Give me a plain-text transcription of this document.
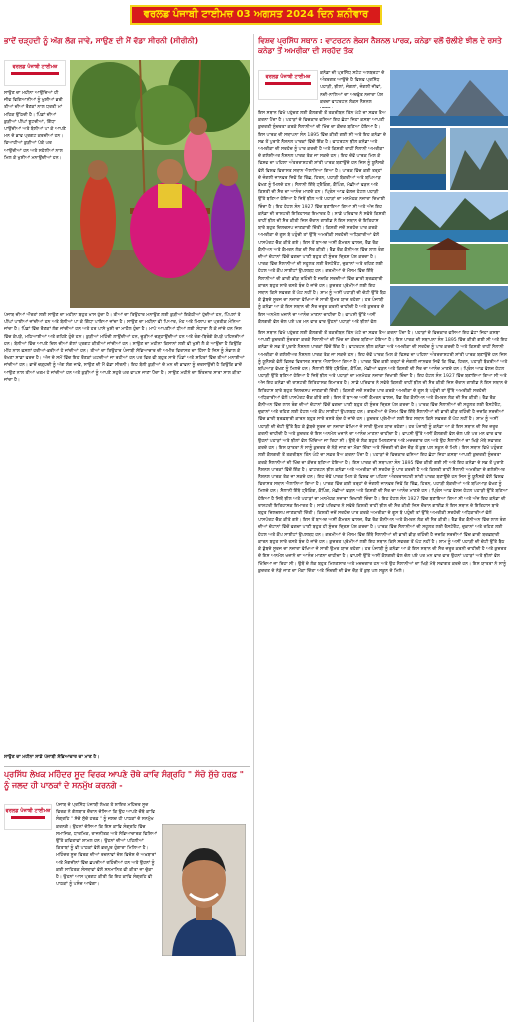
ਵਰਲਡ ਪੰਜਾਬੀ ਟਾਈਮਜ਼ 03 ਅਗਸਤ 2024 ਦਿਨ ਸ਼ਨੀਵਾਰ
ਭਾਦੋਂ ਚੜ੍ਹਦੀ ਨੂੰ ਅੱਗ ਲੱਗ ਜਾਵੇ, ਸਾਉਣ ਦੀ ਮੈਂ ਵੱਡਾ ਸੀਰਨੀ (ਸੀਰੀਨੀ)
ਵਰਲਡ ਪੰਜਾਬੀ ਟਾਈਮਜ਼
ਸਾਉਣ ਦਾ ਮਹੀਨਾ ਆਉਂਦਿਆਂ ਹੀ ਜੀਵ ਵਿਗਿਆਨੀਆਂ ਨੂੰ ਖੁਸ਼ੀਆਂ ਭਰੀ ਤੀਆਂ ਦੀਆਂ ਰੌਣਕਾਂ ਨਾਲ ਧਰਤੀ ਮਾਂ ਮਹਿਕ ਉੱਠਦੀ ਹੈ। ਪਿੰਡਾਂ ਦੀਆਂ ਕੁੜੀਆਂ ਪੀਂਘਾਂ ਝੂਟਦੀਆਂ, ਗਿੱਧਾ ਪਾਉਂਦੀਆਂ ਅਤੇ ਬੋਲੀਆਂ ਪਾ ਕੇ ਆਪਣੇ ਮਨ ਦੇ ਭਾਵ ਪ੍ਰਗਟ ਕਰਦੀਆਂ ਹਨ। ਵਿਆਹੀਆਂ ਕੁੜੀਆਂ ਪੇਕੇ ਘਰ ਆਉਂਦੀਆਂ ਹਨ ਅਤੇ ਸਹੇਲੀਆਂ ਨਾਲ ਮਿਲ ਕੇ ਖੁਸ਼ੀਆਂ ਮਨਾਉਂਦੀਆਂ ਹਨ।
ਪੰਜਾਬ ਦੀਆਂ ਔਰਤਾਂ ਲਈ ਸਾਉਣ ਦਾ ਮਹੀਨਾ ਬਹੁਤ ਖਾਸ ਹੁੰਦਾ ਹੈ। ਤੀਆਂ ਦਾ ਤਿਉਹਾਰ ਮਨਾਉਣ ਲਈ ਕੁੜੀਆਂ ਇਕੱਠੀਆਂ ਹੁੰਦੀਆਂ ਹਨ, ਪਿੱਪਲਾਂ ਤੇ ਪੀਂਘਾਂ ਪਾਈਆਂ ਜਾਂਦੀਆਂ ਹਨ ਅਤੇ ਬੋਲੀਆਂ ਪਾ ਕੇ ਗਿੱਧਾ ਪਾਇਆ ਜਾਂਦਾ ਹੈ। ਸਾਉਣ ਦਾ ਮਹੀਨਾ ਵੀ ਪਿਆਰ, ਮੋਹ ਅਤੇ ਮਿਲਾਪ ਦਾ ਪ੍ਰਤੀਕ ਮੰਨਿਆ ਜਾਂਦਾ ਹੈ। ਪਿੰਡਾਂ ਵਿੱਚ ਰੌਣਕਾਂ ਲੱਗ ਜਾਂਦੀਆਂ ਹਨ ਅਤੇ ਹਰ ਪਾਸੇ ਖੁਸ਼ੀ ਦਾ ਮਾਹੌਲ ਹੁੰਦਾ ਹੈ। ਮਾਪੇ ਆਪਣੀਆਂ ਧੀਆਂ ਲਈ ਸੰਧਾਰਾ ਲੈ ਕੇ ਜਾਂਦੇ ਹਨ ਜਿਸ ਵਿੱਚ ਕੱਪੜੇ, ਮਠਿਆਈਆਂ ਅਤੇ ਗਹਿਣੇ ਹੁੰਦੇ ਹਨ। ਕੁੜੀਆਂ ਮਹਿੰਦੀ ਲਾਉਂਦੀਆਂ ਹਨ, ਚੂੜੀਆਂ ਚੜ੍ਹਾਉਂਦੀਆਂ ਹਨ ਅਤੇ ਰੰਗ-ਬਿਰੰਗੇ ਕੱਪੜੇ ਪਹਿਨਦੀਆਂ ਹਨ। ਬੋਲੀਆਂ ਵਿੱਚ ਆਪਣੇ ਦਿਲ ਦੀਆਂ ਗੱਲਾਂ ਪ੍ਰਗਟ ਕੀਤੀਆਂ ਜਾਂਦੀਆਂ ਹਨ। ਸਾਉਣ ਦਾ ਮਹੀਨਾ ਕਿਸਾਨਾਂ ਲਈ ਵੀ ਖੁਸ਼ੀ ਲੈ ਕੇ ਆਉਂਦਾ ਹੈ ਕਿਉਂਕਿ ਮੀਂਹ ਨਾਲ ਫਸਲਾਂ ਹਰੀਆਂ-ਭਰੀਆਂ ਹੋ ਜਾਂਦੀਆਂ ਹਨ। ਤੀਆਂ ਦਾ ਤਿਉਹਾਰ ਪੰਜਾਬੀ ਸੱਭਿਆਚਾਰ ਦੀ ਅਮੀਰ ਵਿਰਾਸਤ ਦਾ ਹਿੱਸਾ ਹੈ ਜਿਸ ਨੂੰ ਸੰਭਾਲ ਕੇ ਰੱਖਣਾ ਸਾਡਾ ਫਰਜ਼ ਹੈ। ਅੱਜ ਦੇ ਸਮੇਂ ਵਿੱਚ ਇਹ ਰੌਣਕਾਂ ਘਟਦੀਆਂ ਜਾ ਰਹੀਆਂ ਹਨ ਪਰ ਫਿਰ ਵੀ ਬਹੁਤ ਸਾਰੇ ਪਿੰਡਾਂ ਅਤੇ ਸ਼ਹਿਰਾਂ ਵਿੱਚ ਤੀਆਂ ਮਨਾਈਆਂ ਜਾਂਦੀਆਂ ਹਨ। ਭਾਦੋਂ ਚੜ੍ਹਦੀ ਨੂੰ ਅੱਗ ਲੱਗ ਜਾਵੇ, ਸਾਉਣ ਦੀ ਮੈਂ ਵੱਡਾ ਸੀਰਨੀ। ਇਹ ਬੋਲੀ ਕੁੜੀਆਂ ਦੇ ਮਨ ਦੀ ਭਾਵਨਾ ਨੂੰ ਦਰਸਾਉਂਦੀ ਹੈ ਕਿਉਂਕਿ ਭਾਦੋਂ ਆਉਣ ਨਾਲ ਤੀਆਂ ਖਤਮ ਹੋ ਜਾਂਦੀਆਂ ਹਨ ਅਤੇ ਕੁੜੀਆਂ ਨੂੰ ਆਪਣੇ ਸਹੁਰੇ ਘਰ ਵਾਪਸ ਜਾਣਾ ਪੈਂਦਾ ਹੈ। ਸਾਉਣ ਮਹੀਨੇ ਦਾ ਇੰਤਜ਼ਾਰ ਸਾਰਾ ਸਾਲ ਕੀਤਾ ਜਾਂਦਾ ਹੈ।
ਸਾਉਣ ਦਾ ਮਹੀਨਾ ਸਾਡੇ ਪੰਜਾਬੀ ਸੱਭਿਆਚਾਰ ਦਾ ਮਾਣ ਹੈ।
ਪ੍ਰਸਿੱਧ ਲੇਖਕ ਮਹਿੰਦਰ ਸੂਦ ਵਿਰਕ ਆਪਣੇ ਚੌਥੇ ਕਾਵਿ ਸੰਗ੍ਰਹਿ " ਸੱਚੋ ਸੁੱਚੇ ਹਰਫ਼ " ਨੂੰ ਜਲਦ ਹੀ ਪਾਠਕਾਂ ਦੇ ਸਨਮੁੱਖ ਕਰਨਗੇ -
ਵਰਲਡ ਪੰਜਾਬੀ ਟਾਈਮਜ਼
ਪੰਜਾਬ ਦੇ ਪ੍ਰਸਿੱਧ ਪੰਜਾਬੀ ਲੇਖਕ ਤੇ ਸ਼ਾਇਰ ਮਹਿੰਦਰ ਸੂਦ ਵਿਰਕ ਨੇ ਗੱਲਬਾਤ ਦੌਰਾਨ ਦੱਸਿਆ ਕਿ ਉਹ ਆਪਣੇ ਚੌਥੇ ਕਾਵਿ ਸੰਗ੍ਰਹਿ " ਸੱਚੋ ਸੁੱਚੇ ਹਰਫ਼ " ਨੂੰ ਜਲਦ ਹੀ ਪਾਠਕਾਂ ਦੇ ਸਨਮੁੱਖ ਕਰਨਗੇ। ਉਹਨਾਂ ਦੱਸਿਆ ਕਿ ਇਸ ਕਾਵਿ ਸੰਗ੍ਰਹਿ ਵਿੱਚ ਸਮਾਜਿਕ, ਧਾਰਮਿਕ, ਰਾਜਨੀਤਕ ਅਤੇ ਸੱਭਿਆਚਾਰਕ ਵਿਸ਼ਿਆਂ ਉੱਤੇ ਕਵਿਤਾਵਾਂ ਸ਼ਾਮਲ ਹਨ। ਉਹਨਾਂ ਦੀਆਂ ਪਹਿਲੀਆਂ ਕਿਤਾਬਾਂ ਨੂੰ ਵੀ ਪਾਠਕਾਂ ਵੱਲੋਂ ਭਰਪੂਰ ਹੁੰਗਾਰਾ ਮਿਲਿਆ ਹੈ। ਮਹਿੰਦਰ ਸੂਦ ਵਿਰਕ ਦੀਆਂ ਰਚਨਾਵਾਂ ਦੇਸ਼ ਵਿਦੇਸ਼ ਦੇ ਅਖ਼ਬਾਰਾਂ ਅਤੇ ਮੈਗਜ਼ੀਨਾਂ ਵਿੱਚ ਛਪਦੀਆਂ ਰਹਿੰਦੀਆਂ ਹਨ ਅਤੇ ਉਹਨਾਂ ਨੂੰ ਕਈ ਸਾਹਿਤਕ ਸੰਸਥਾਵਾਂ ਵੱਲੋਂ ਸਨਮਾਨਿਤ ਵੀ ਕੀਤਾ ਜਾ ਚੁੱਕਾ ਹੈ। ਉਹਨਾਂ ਆਸ ਪ੍ਰਗਟ ਕੀਤੀ ਕਿ ਇਹ ਕਾਵਿ ਸੰਗ੍ਰਹਿ ਵੀ ਪਾਠਕਾਂ ਨੂੰ ਪਸੰਦ ਆਵੇਗਾ।
ਵਿਸ਼ਵ ਪ੍ਰਸਿੱਧ ਸਥਾਨ : ਵਾਟਰਟਨ ਲੇਕਸ ਨੈਸ਼ਨਲ ਪਾਰਕ, ਕਨੇਡਾ ਵਲੋਂ ਚੱਲੀਏ ਝੀਲ ਦੇ ਰਸਤੇ ਕਨੇਡਾ ਤੋਂ ਅਮਰੀਕਾ ਦੀ ਸਰਹੱਦ ਤੱਕ
ਵਰਲਡ ਪੰਜਾਬੀ ਟਾਈਮਜ਼
ਕਨੇਡਾ ਦੀ ਪ੍ਰਸਿੱਧ ਸਟੇਟ ਅਲਬਰਟਾ ਦੇ ਅੰਤਰਗਤ ਆਉਂਦੇ ਹੈ ਵਿਸ਼ਵ ਪ੍ਰਸਿੱਧ ਪਹਾੜੀ, ਝੀਲਾਂ, ਜੰਗਲਾਂ, ਜੰਗਲੀ ਜੀਵਾਂ, ਨਦੀ-ਨਾਲਿਆਂ ਦਾ ਅਦਭੁੱਤ ਨਜ਼ਾਰਾ ਪੇਸ਼ ਕਰਦਾ ਵਾਟਰਟਨ ਲੇਕਸ ਨੈਸ਼ਨਲ
ਇਸ ਸਥਾਨ ਵਿਖੇ ਪਹੁੰਚਣ ਲਈ ਕੈਲਗਰੀ ਤੋਂ ਤਕਰੀਬਨ ਤਿੰਨ ਘੰਟੇ ਦਾ ਸਫ਼ਰ ਤੈਅ ਕਰਨਾ ਪੈਂਦਾ ਹੈ। ਪਹਾੜਾਂ ਦੇ ਵਿਚਕਾਰ ਵਸਿਆ ਇਹ ਛੋਟਾ ਜਿਹਾ ਕਸਬਾ ਆਪਣੀ ਕੁਦਰਤੀ ਸੁੰਦਰਤਾ ਕਰਕੇ ਸੈਲਾਨੀਆਂ ਦੀ ਖਿੱਚ ਦਾ ਕੇਂਦਰ ਬਣਿਆ ਹੋਇਆ ਹੈ। ਇਸ ਪਾਰਕ ਦੀ ਸਥਾਪਨਾ ਸੰਨ 1895 ਵਿੱਚ ਕੀਤੀ ਗਈ ਸੀ ਅਤੇ ਇਹ ਕਨੇਡਾ ਦੇ ਸਭ ਤੋਂ ਪੁਰਾਣੇ ਨੈਸ਼ਨਲ ਪਾਰਕਾਂ ਵਿੱਚੋਂ ਇੱਕ ਹੈ। ਵਾਟਰਟਨ ਝੀਲ ਕਨੇਡਾ ਅਤੇ ਅਮਰੀਕਾ ਦੀ ਸਰਹੱਦ ਨੂੰ ਪਾਰ ਕਰਦੀ ਹੈ ਅਤੇ ਕਿਸ਼ਤੀ ਰਾਹੀਂ ਸੈਲਾਨੀ ਅਮਰੀਕਾ ਦੇ ਗਲੇਸ਼ੀਅਰ ਨੈਸ਼ਨਲ ਪਾਰਕ ਤੱਕ ਜਾ ਸਕਦੇ ਹਨ। ਇਹ ਦੋਵੇਂ ਪਾਰਕ ਮਿਲ ਕੇ ਵਿਸ਼ਵ ਦਾ ਪਹਿਲਾ ਅੰਤਰਰਾਸ਼ਟਰੀ ਸ਼ਾਂਤੀ ਪਾਰਕ ਬਣਾਉਂਦੇ ਹਨ ਜਿਸ ਨੂੰ ਯੂਨੈਸਕੋ ਵੱਲੋਂ ਵਿਸ਼ਵ ਵਿਰਾਸਤ ਸਥਾਨ ਐਲਾਨਿਆ ਗਿਆ ਹੈ। ਪਾਰਕ ਵਿੱਚ ਕਈ ਤਰ੍ਹਾਂ ਦੇ ਜੰਗਲੀ ਜਾਨਵਰ ਜਿਵੇਂ ਕਿ ਰਿੱਛ, ਹਿਰਨ, ਪਹਾੜੀ ਬੱਕਰੀਆਂ ਅਤੇ ਬਘਿਆੜ ਵੇਖਣ ਨੂੰ ਮਿਲਦੇ ਹਨ। ਸੈਲਾਨੀ ਇੱਥੇ ਟ੍ਰੈਕਿੰਗ, ਕੈਂਪਿੰਗ, ਮੱਛੀਆਂ ਫੜਨ ਅਤੇ ਕਿਸ਼ਤੀ ਦੀ ਸੈਰ ਦਾ ਆਨੰਦ ਮਾਣਦੇ ਹਨ। ਪ੍ਰਿੰਸ ਆਫ਼ ਵੇਲਜ਼ ਹੋਟਲ ਪਹਾੜੀ ਉੱਤੇ ਬਣਿਆ ਹੋਇਆ ਹੈ ਜਿਥੋਂ ਝੀਲ ਅਤੇ ਪਹਾੜਾਂ ਦਾ ਮਨਮੋਹਕ ਨਜ਼ਾਰਾ ਦਿਖਾਈ ਦਿੰਦਾ ਹੈ। ਇਹ ਹੋਟਲ ਸੰਨ 1927 ਵਿੱਚ ਬਣਾਇਆ ਗਿਆ ਸੀ ਅਤੇ ਅੱਜ ਇਹ ਕਨੇਡਾ ਦੀ ਰਾਸ਼ਟਰੀ ਇਤਿਹਾਸਕ ਇਮਾਰਤ ਹੈ। ਸਾਡੇ ਪਰਿਵਾਰ ਨੇ ਸਵੇਰੇ ਕਿਸ਼ਤੀ ਰਾਹੀਂ ਝੀਲ ਦੀ ਸੈਰ ਕੀਤੀ ਜਿਸ ਦੌਰਾਨ ਗਾਈਡ ਨੇ ਇਸ ਸਥਾਨ ਦੇ ਇਤਿਹਾਸ ਬਾਰੇ ਬਹੁਤ ਦਿਲਚਸਪ ਜਾਣਕਾਰੀ ਦਿੱਤੀ। ਕਿਸ਼ਤੀ ਜਦੋਂ ਸਰਹੱਦ ਪਾਰ ਕਰਕੇ ਅਮਰੀਕਾ ਦੇ ਗੂਸ ਬੇ ਪਹੁੰਚੀ ਤਾਂ ਉੱਥੇ ਅਮਰੀਕੀ ਸਰਹੱਦੀ ਅਧਿਕਾਰੀਆਂ ਵੱਲੋਂ ਪਾਸਪੋਰਟ ਚੈੱਕ ਕੀਤੇ ਗਏ। ਇਸ ਤੋਂ ਬਾਅਦ ਅਸੀਂ ਕੈਮਰਨ ਫਾਲਜ਼, ਰੈੱਡ ਰੌਕ ਕੈਨੀਅਨ ਅਤੇ ਕੈਮਰਨ ਲੇਕ ਦੀ ਸੈਰ ਕੀਤੀ। ਰੈੱਡ ਰੌਕ ਕੈਨੀਅਨ ਵਿੱਚ ਲਾਲ ਰੰਗ ਦੀਆਂ ਚੱਟਾਨਾਂ ਵਿੱਚੋਂ ਵਗਦਾ ਪਾਣੀ ਬਹੁਤ ਹੀ ਸੁੰਦਰ ਦ੍ਰਿਸ਼ ਪੇਸ਼ ਕਰਦਾ ਹੈ। ਪਾਰਕ ਵਿੱਚ ਸੈਲਾਨੀਆਂ ਦੀ ਸਹੂਲਤ ਲਈ ਰੈਸਟੋਰੈਂਟ, ਦੁਕਾਨਾਂ ਅਤੇ ਰਹਿਣ ਲਈ ਹੋਟਲ ਅਤੇ ਕੈਂਪ ਸਾਈਟਾਂ ਉਪਲਬਧ ਹਨ। ਗਰਮੀਆਂ ਦੇ ਮੌਸਮ ਵਿੱਚ ਇੱਥੇ ਸੈਲਾਨੀਆਂ ਦੀ ਭਾਰੀ ਭੀੜ ਰਹਿੰਦੀ ਹੈ ਜਦਕਿ ਸਰਦੀਆਂ ਵਿੱਚ ਭਾਰੀ ਬਰਫ਼ਬਾਰੀ ਕਾਰਨ ਬਹੁਤ ਸਾਰੇ ਰਸਤੇ ਬੰਦ ਹੋ ਜਾਂਦੇ ਹਨ। ਕੁਦਰਤ ਪ੍ਰੇਮੀਆਂ ਲਈ ਇਹ ਸਥਾਨ ਕਿਸੇ ਸਵਰਗ ਤੋਂ ਘੱਟ ਨਹੀਂ ਹੈ। ਸ਼ਾਮ ਨੂੰ ਅਸੀਂ ਪਹਾੜੀ ਦੀ ਚੋਟੀ ਉੱਤੇ ਬੈਠ ਕੇ ਡੁੱਬਦੇ ਸੂਰਜ ਦਾ ਨਜ਼ਾਰਾ ਵੇਖਿਆ ਜੋ ਸਾਰੀ ਉਮਰ ਯਾਦ ਰਹੇਗਾ। ਹਰ ਪੰਜਾਬੀ ਨੂੰ ਕਨੇਡਾ ਆ ਕੇ ਇਸ ਸਥਾਨ ਦੀ ਸੈਰ ਜ਼ਰੂਰ ਕਰਨੀ ਚਾਹੀਦੀ ਹੈ ਅਤੇ ਕੁਦਰਤ ਦੇ ਇਸ ਅਨਮੋਲ ਖਜ਼ਾਨੇ ਦਾ ਆਨੰਦ ਮਾਣਨਾ ਚਾਹੀਦਾ ਹੈ। ਵਾਪਸੀ ਉੱਤੇ ਅਸੀਂ ਕੈਲਗਰੀ ਵੱਲ ਚੱਲ ਪਏ ਪਰ ਮਨ ਵਾਰ ਵਾਰ ਉਹਨਾਂ ਪਹਾੜਾਂ ਅਤੇ ਝੀਲਾਂ ਵੱਲ
ਇਸ ਸਥਾਨ ਵਿਖੇ ਪਹੁੰਚਣ ਲਈ ਕੈਲਗਰੀ ਤੋਂ ਤਕਰੀਬਨ ਤਿੰਨ ਘੰਟੇ ਦਾ ਸਫ਼ਰ ਤੈਅ ਕਰਨਾ ਪੈਂਦਾ ਹੈ। ਪਹਾੜਾਂ ਦੇ ਵਿਚਕਾਰ ਵਸਿਆ ਇਹ ਛੋਟਾ ਜਿਹਾ ਕਸਬਾ ਆਪਣੀ ਕੁਦਰਤੀ ਸੁੰਦਰਤਾ ਕਰਕੇ ਸੈਲਾਨੀਆਂ ਦੀ ਖਿੱਚ ਦਾ ਕੇਂਦਰ ਬਣਿਆ ਹੋਇਆ ਹੈ। ਇਸ ਪਾਰਕ ਦੀ ਸਥਾਪਨਾ ਸੰਨ 1895 ਵਿੱਚ ਕੀਤੀ ਗਈ ਸੀ ਅਤੇ ਇਹ ਕਨੇਡਾ ਦੇ ਸਭ ਤੋਂ ਪੁਰਾਣੇ ਨੈਸ਼ਨਲ ਪਾਰਕਾਂ ਵਿੱਚੋਂ ਇੱਕ ਹੈ। ਵਾਟਰਟਨ ਝੀਲ ਕਨੇਡਾ ਅਤੇ ਅਮਰੀਕਾ ਦੀ ਸਰਹੱਦ ਨੂੰ ਪਾਰ ਕਰਦੀ ਹੈ ਅਤੇ ਕਿਸ਼ਤੀ ਰਾਹੀਂ ਸੈਲਾਨੀ ਅਮਰੀਕਾ ਦੇ ਗਲੇਸ਼ੀਅਰ ਨੈਸ਼ਨਲ ਪਾਰਕ ਤੱਕ ਜਾ ਸਕਦੇ ਹਨ। ਇਹ ਦੋਵੇਂ ਪਾਰਕ ਮਿਲ ਕੇ ਵਿਸ਼ਵ ਦਾ ਪਹਿਲਾ ਅੰਤਰਰਾਸ਼ਟਰੀ ਸ਼ਾਂਤੀ ਪਾਰਕ ਬਣਾਉਂਦੇ ਹਨ ਜਿਸ ਨੂੰ ਯੂਨੈਸਕੋ ਵੱਲੋਂ ਵਿਸ਼ਵ ਵਿਰਾਸਤ ਸਥਾਨ ਐਲਾਨਿਆ ਗਿਆ ਹੈ। ਪਾਰਕ ਵਿੱਚ ਕਈ ਤਰ੍ਹਾਂ ਦੇ ਜੰਗਲੀ ਜਾਨਵਰ ਜਿਵੇਂ ਕਿ ਰਿੱਛ, ਹਿਰਨ, ਪਹਾੜੀ ਬੱਕਰੀਆਂ ਅਤੇ ਬਘਿਆੜ ਵੇਖਣ ਨੂੰ ਮਿਲਦੇ ਹਨ। ਸੈਲਾਨੀ ਇੱਥੇ ਟ੍ਰੈਕਿੰਗ, ਕੈਂਪਿੰਗ, ਮੱਛੀਆਂ ਫੜਨ ਅਤੇ ਕਿਸ਼ਤੀ ਦੀ ਸੈਰ ਦਾ ਆਨੰਦ ਮਾਣਦੇ ਹਨ। ਪ੍ਰਿੰਸ ਆਫ਼ ਵੇਲਜ਼ ਹੋਟਲ ਪਹਾੜੀ ਉੱਤੇ ਬਣਿਆ ਹੋਇਆ ਹੈ ਜਿਥੋਂ ਝੀਲ ਅਤੇ ਪਹਾੜਾਂ ਦਾ ਮਨਮੋਹਕ ਨਜ਼ਾਰਾ ਦਿਖਾਈ ਦਿੰਦਾ ਹੈ। ਇਹ ਹੋਟਲ ਸੰਨ 1927 ਵਿੱਚ ਬਣਾਇਆ ਗਿਆ ਸੀ ਅਤੇ ਅੱਜ ਇਹ ਕਨੇਡਾ ਦੀ ਰਾਸ਼ਟਰੀ ਇਤਿਹਾਸਕ ਇਮਾਰਤ ਹੈ। ਸਾਡੇ ਪਰਿਵਾਰ ਨੇ ਸਵੇਰੇ ਕਿਸ਼ਤੀ ਰਾਹੀਂ ਝੀਲ ਦੀ ਸੈਰ ਕੀਤੀ ਜਿਸ ਦੌਰਾਨ ਗਾਈਡ ਨੇ ਇਸ ਸਥਾਨ ਦੇ ਇਤਿਹਾਸ ਬਾਰੇ ਬਹੁਤ ਦਿਲਚਸਪ ਜਾਣਕਾਰੀ ਦਿੱਤੀ। ਕਿਸ਼ਤੀ ਜਦੋਂ ਸਰਹੱਦ ਪਾਰ ਕਰਕੇ ਅਮਰੀਕਾ ਦੇ ਗੂਸ ਬੇ ਪਹੁੰਚੀ ਤਾਂ ਉੱਥੇ ਅਮਰੀਕੀ ਸਰਹੱਦੀ ਅਧਿਕਾਰੀਆਂ ਵੱਲੋਂ ਪਾਸਪੋਰਟ ਚੈੱਕ ਕੀਤੇ ਗਏ। ਇਸ ਤੋਂ ਬਾਅਦ ਅਸੀਂ ਕੈਮਰਨ ਫਾਲਜ਼, ਰੈੱਡ ਰੌਕ ਕੈਨੀਅਨ ਅਤੇ ਕੈਮਰਨ ਲੇਕ ਦੀ ਸੈਰ ਕੀਤੀ। ਰੈੱਡ ਰੌਕ ਕੈਨੀਅਨ ਵਿੱਚ ਲਾਲ ਰੰਗ ਦੀਆਂ ਚੱਟਾਨਾਂ ਵਿੱਚੋਂ ਵਗਦਾ ਪਾਣੀ ਬਹੁਤ ਹੀ ਸੁੰਦਰ ਦ੍ਰਿਸ਼ ਪੇਸ਼ ਕਰਦਾ ਹੈ। ਪਾਰਕ ਵਿੱਚ ਸੈਲਾਨੀਆਂ ਦੀ ਸਹੂਲਤ ਲਈ ਰੈਸਟੋਰੈਂਟ, ਦੁਕਾਨਾਂ ਅਤੇ ਰਹਿਣ ਲਈ ਹੋਟਲ ਅਤੇ ਕੈਂਪ ਸਾਈਟਾਂ ਉਪਲਬਧ ਹਨ। ਗਰਮੀਆਂ ਦੇ ਮੌਸਮ ਵਿੱਚ ਇੱਥੇ ਸੈਲਾਨੀਆਂ ਦੀ ਭਾਰੀ ਭੀੜ ਰਹਿੰਦੀ ਹੈ ਜਦਕਿ ਸਰਦੀਆਂ ਵਿੱਚ ਭਾਰੀ ਬਰਫ਼ਬਾਰੀ ਕਾਰਨ ਬਹੁਤ ਸਾਰੇ ਰਸਤੇ ਬੰਦ ਹੋ ਜਾਂਦੇ ਹਨ। ਕੁਦਰਤ ਪ੍ਰੇਮੀਆਂ ਲਈ ਇਹ ਸਥਾਨ ਕਿਸੇ ਸਵਰਗ ਤੋਂ ਘੱਟ ਨਹੀਂ ਹੈ। ਸ਼ਾਮ ਨੂੰ ਅਸੀਂ ਪਹਾੜੀ ਦੀ ਚੋਟੀ ਉੱਤੇ ਬੈਠ ਕੇ ਡੁੱਬਦੇ ਸੂਰਜ ਦਾ ਨਜ਼ਾਰਾ ਵੇਖਿਆ ਜੋ ਸਾਰੀ ਉਮਰ ਯਾਦ ਰਹੇਗਾ। ਹਰ ਪੰਜਾਬੀ ਨੂੰ ਕਨੇਡਾ ਆ ਕੇ ਇਸ ਸਥਾਨ ਦੀ ਸੈਰ ਜ਼ਰੂਰ ਕਰਨੀ ਚਾਹੀਦੀ ਹੈ ਅਤੇ ਕੁਦਰਤ ਦੇ ਇਸ ਅਨਮੋਲ ਖਜ਼ਾਨੇ ਦਾ ਆਨੰਦ ਮਾਣਨਾ ਚਾਹੀਦਾ ਹੈ। ਵਾਪਸੀ ਉੱਤੇ ਅਸੀਂ ਕੈਲਗਰੀ ਵੱਲ ਚੱਲ ਪਏ ਪਰ ਮਨ ਵਾਰ ਵਾਰ ਉਹਨਾਂ ਪਹਾੜਾਂ ਅਤੇ ਝੀਲਾਂ ਵੱਲ ਖਿੱਚਿਆ ਜਾ ਰਿਹਾ ਸੀ। ਉਥੋਂ ਦੇ ਲੋਕ ਬਹੁਤ ਮਿਲਣਸਾਰ ਅਤੇ ਮਦਦਗਾਰ ਹਨ ਅਤੇ ਉਹ ਸੈਲਾਨੀਆਂ ਦਾ ਖਿੜੇ ਮੱਥੇ ਸਵਾਗਤ ਕਰਦੇ ਹਨ। ਇਸ ਯਾਤਰਾ ਨੇ ਸਾਨੂੰ ਕੁਦਰਤ ਦੇ ਨੇੜੇ ਜਾਣ ਦਾ ਮੌਕਾ ਦਿੱਤਾ ਅਤੇ ਜ਼ਿੰਦਗੀ ਦੀ ਭੱਜ ਦੌੜ ਤੋਂ ਕੁਝ ਪਲ ਸਕੂਨ ਦੇ ਮਿਲੇ। ਇਸ ਸਥਾਨ ਵਿਖੇ ਪਹੁੰਚਣ ਲਈ ਕੈਲਗਰੀ ਤੋਂ ਤਕਰੀਬਨ ਤਿੰਨ ਘੰਟੇ ਦਾ ਸਫ਼ਰ ਤੈਅ ਕਰਨਾ ਪੈਂਦਾ ਹੈ। ਪਹਾੜਾਂ ਦੇ ਵਿਚਕਾਰ ਵਸਿਆ ਇਹ ਛੋਟਾ ਜਿਹਾ ਕਸਬਾ ਆਪਣੀ ਕੁਦਰਤੀ ਸੁੰਦਰਤਾ ਕਰਕੇ ਸੈਲਾਨੀਆਂ ਦੀ ਖਿੱਚ ਦਾ ਕੇਂਦਰ ਬਣਿਆ ਹੋਇਆ ਹੈ। ਇਸ ਪਾਰਕ ਦੀ ਸਥਾਪਨਾ ਸੰਨ 1895 ਵਿੱਚ ਕੀਤੀ ਗਈ ਸੀ ਅਤੇ ਇਹ ਕਨੇਡਾ ਦੇ ਸਭ ਤੋਂ ਪੁਰਾਣੇ ਨੈਸ਼ਨਲ ਪਾਰਕਾਂ ਵਿੱਚੋਂ ਇੱਕ ਹੈ। ਵਾਟਰਟਨ ਝੀਲ ਕਨੇਡਾ ਅਤੇ ਅਮਰੀਕਾ ਦੀ ਸਰਹੱਦ ਨੂੰ ਪਾਰ ਕਰਦੀ ਹੈ ਅਤੇ ਕਿਸ਼ਤੀ ਰਾਹੀਂ ਸੈਲਾਨੀ ਅਮਰੀਕਾ ਦੇ ਗਲੇਸ਼ੀਅਰ ਨੈਸ਼ਨਲ ਪਾਰਕ ਤੱਕ ਜਾ ਸਕਦੇ ਹਨ। ਇਹ ਦੋਵੇਂ ਪਾਰਕ ਮਿਲ ਕੇ ਵਿਸ਼ਵ ਦਾ ਪਹਿਲਾ ਅੰਤਰਰਾਸ਼ਟਰੀ ਸ਼ਾਂਤੀ ਪਾਰਕ ਬਣਾਉਂਦੇ ਹਨ ਜਿਸ ਨੂੰ ਯੂਨੈਸਕੋ ਵੱਲੋਂ ਵਿਸ਼ਵ ਵਿਰਾਸਤ ਸਥਾਨ ਐਲਾਨਿਆ ਗਿਆ ਹੈ। ਪਾਰਕ ਵਿੱਚ ਕਈ ਤਰ੍ਹਾਂ ਦੇ ਜੰਗਲੀ ਜਾਨਵਰ ਜਿਵੇਂ ਕਿ ਰਿੱਛ, ਹਿਰਨ, ਪਹਾੜੀ ਬੱਕਰੀਆਂ ਅਤੇ ਬਘਿਆੜ ਵੇਖਣ ਨੂੰ ਮਿਲਦੇ ਹਨ। ਸੈਲਾਨੀ ਇੱਥੇ ਟ੍ਰੈਕਿੰਗ, ਕੈਂਪਿੰਗ, ਮੱਛੀਆਂ ਫੜਨ ਅਤੇ ਕਿਸ਼ਤੀ ਦੀ ਸੈਰ ਦਾ ਆਨੰਦ ਮਾਣਦੇ ਹਨ। ਪ੍ਰਿੰਸ ਆਫ਼ ਵੇਲਜ਼ ਹੋਟਲ ਪਹਾੜੀ ਉੱਤੇ ਬਣਿਆ ਹੋਇਆ ਹੈ ਜਿਥੋਂ ਝੀਲ ਅਤੇ ਪਹਾੜਾਂ ਦਾ ਮਨਮੋਹਕ ਨਜ਼ਾਰਾ ਦਿਖਾਈ ਦਿੰਦਾ ਹੈ। ਇਹ ਹੋਟਲ ਸੰਨ 1927 ਵਿੱਚ ਬਣਾਇਆ ਗਿਆ ਸੀ ਅਤੇ ਅੱਜ ਇਹ ਕਨੇਡਾ ਦੀ ਰਾਸ਼ਟਰੀ ਇਤਿਹਾਸਕ ਇਮਾਰਤ ਹੈ। ਸਾਡੇ ਪਰਿਵਾਰ ਨੇ ਸਵੇਰੇ ਕਿਸ਼ਤੀ ਰਾਹੀਂ ਝੀਲ ਦੀ ਸੈਰ ਕੀਤੀ ਜਿਸ ਦੌਰਾਨ ਗਾਈਡ ਨੇ ਇਸ ਸਥਾਨ ਦੇ ਇਤਿਹਾਸ ਬਾਰੇ ਬਹੁਤ ਦਿਲਚਸਪ ਜਾਣਕਾਰੀ ਦਿੱਤੀ। ਕਿਸ਼ਤੀ ਜਦੋਂ ਸਰਹੱਦ ਪਾਰ ਕਰਕੇ ਅਮਰੀਕਾ ਦੇ ਗੂਸ ਬੇ ਪਹੁੰਚੀ ਤਾਂ ਉੱਥੇ ਅਮਰੀਕੀ ਸਰਹੱਦੀ ਅਧਿਕਾਰੀਆਂ ਵੱਲੋਂ ਪਾਸਪੋਰਟ ਚੈੱਕ ਕੀਤੇ ਗਏ। ਇਸ ਤੋਂ ਬਾਅਦ ਅਸੀਂ ਕੈਮਰਨ ਫਾਲਜ਼, ਰੈੱਡ ਰੌਕ ਕੈਨੀਅਨ ਅਤੇ ਕੈਮਰਨ ਲੇਕ ਦੀ ਸੈਰ ਕੀਤੀ। ਰੈੱਡ ਰੌਕ ਕੈਨੀਅਨ ਵਿੱਚ ਲਾਲ ਰੰਗ ਦੀਆਂ ਚੱਟਾਨਾਂ ਵਿੱਚੋਂ ਵਗਦਾ ਪਾਣੀ ਬਹੁਤ ਹੀ ਸੁੰਦਰ ਦ੍ਰਿਸ਼ ਪੇਸ਼ ਕਰਦਾ ਹੈ। ਪਾਰਕ ਵਿੱਚ ਸੈਲਾਨੀਆਂ ਦੀ ਸਹੂਲਤ ਲਈ ਰੈਸਟੋਰੈਂਟ, ਦੁਕਾਨਾਂ ਅਤੇ ਰਹਿਣ ਲਈ ਹੋਟਲ ਅਤੇ ਕੈਂਪ ਸਾਈਟਾਂ ਉਪਲਬਧ ਹਨ। ਗਰਮੀਆਂ ਦੇ ਮੌਸਮ ਵਿੱਚ ਇੱਥੇ ਸੈਲਾਨੀਆਂ ਦੀ ਭਾਰੀ ਭੀੜ ਰਹਿੰਦੀ ਹੈ ਜਦਕਿ ਸਰਦੀਆਂ ਵਿੱਚ ਭਾਰੀ ਬਰਫ਼ਬਾਰੀ ਕਾਰਨ ਬਹੁਤ ਸਾਰੇ ਰਸਤੇ ਬੰਦ ਹੋ ਜਾਂਦੇ ਹਨ। ਕੁਦਰਤ ਪ੍ਰੇਮੀਆਂ ਲਈ ਇਹ ਸਥਾਨ ਕਿਸੇ ਸਵਰਗ ਤੋਂ ਘੱਟ ਨਹੀਂ ਹੈ। ਸ਼ਾਮ ਨੂੰ ਅਸੀਂ ਪਹਾੜੀ ਦੀ ਚੋਟੀ ਉੱਤੇ ਬੈਠ ਕੇ ਡੁੱਬਦੇ ਸੂਰਜ ਦਾ ਨਜ਼ਾਰਾ ਵੇਖਿਆ ਜੋ ਸਾਰੀ ਉਮਰ ਯਾਦ ਰਹੇਗਾ। ਹਰ ਪੰਜਾਬੀ ਨੂੰ ਕਨੇਡਾ ਆ ਕੇ ਇਸ ਸਥਾਨ ਦੀ ਸੈਰ ਜ਼ਰੂਰ ਕਰਨੀ ਚਾਹੀਦੀ ਹੈ ਅਤੇ ਕੁਦਰਤ ਦੇ ਇਸ ਅਨਮੋਲ ਖਜ਼ਾਨੇ ਦਾ ਆਨੰਦ ਮਾਣਨਾ ਚਾਹੀਦਾ ਹੈ। ਵਾਪਸੀ ਉੱਤੇ ਅਸੀਂ ਕੈਲਗਰੀ ਵੱਲ ਚੱਲ ਪਏ ਪਰ ਮਨ ਵਾਰ ਵਾਰ ਉਹਨਾਂ ਪਹਾੜਾਂ ਅਤੇ ਝੀਲਾਂ ਵੱਲ ਖਿੱਚਿਆ ਜਾ ਰਿਹਾ ਸੀ। ਉਥੋਂ ਦੇ ਲੋਕ ਬਹੁਤ ਮਿਲਣਸਾਰ ਅਤੇ ਮਦਦਗਾਰ ਹਨ ਅਤੇ ਉਹ ਸੈਲਾਨੀਆਂ ਦਾ ਖਿੜੇ ਮੱਥੇ ਸਵਾਗਤ ਕਰਦੇ ਹਨ। ਇਸ ਯਾਤਰਾ ਨੇ ਸਾਨੂੰ ਕੁਦਰਤ ਦੇ ਨੇੜੇ ਜਾਣ ਦਾ ਮੌਕਾ ਦਿੱਤਾ ਅਤੇ ਜ਼ਿੰਦਗੀ ਦੀ ਭੱਜ ਦੌੜ ਤੋਂ ਕੁਝ ਪਲ ਸਕੂਨ ਦੇ ਮਿਲੇ।
